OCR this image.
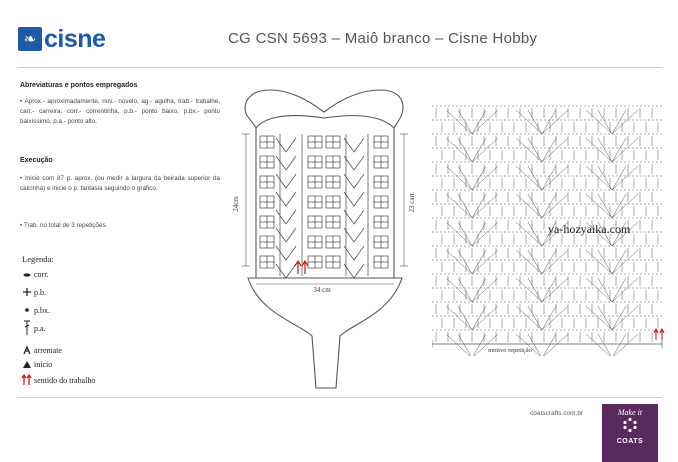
❧ cisne	CG CSN 5693 – Maiô branco – Cisne Hobby
Abreviaturas e pontos empregados
• Aprox.- aproximadamente, nov.- novelo, ag.- agulha, trab.- trabalhe, carr.- carreira, corr.- correntinha, p.b.- ponto baixo, p.bx.- ponto baixíssimo, p.a.- ponto alto.
Execução
• Inicie com 87 p. aprox. (ou medir a largura da beirada superior da calcinha) e inicie o p. fantasia seguindo o gráfico.
• Trab. no total de 3 repetições.
Legenda:
corr.
p.b.
p.bx.
p.a.
arremate
início
sentido do trabalho
24cm	23 carr.
34 cm
motivo repetição
ya-hozyaika.com
coatscrafts.com.br	Make it
COATS
